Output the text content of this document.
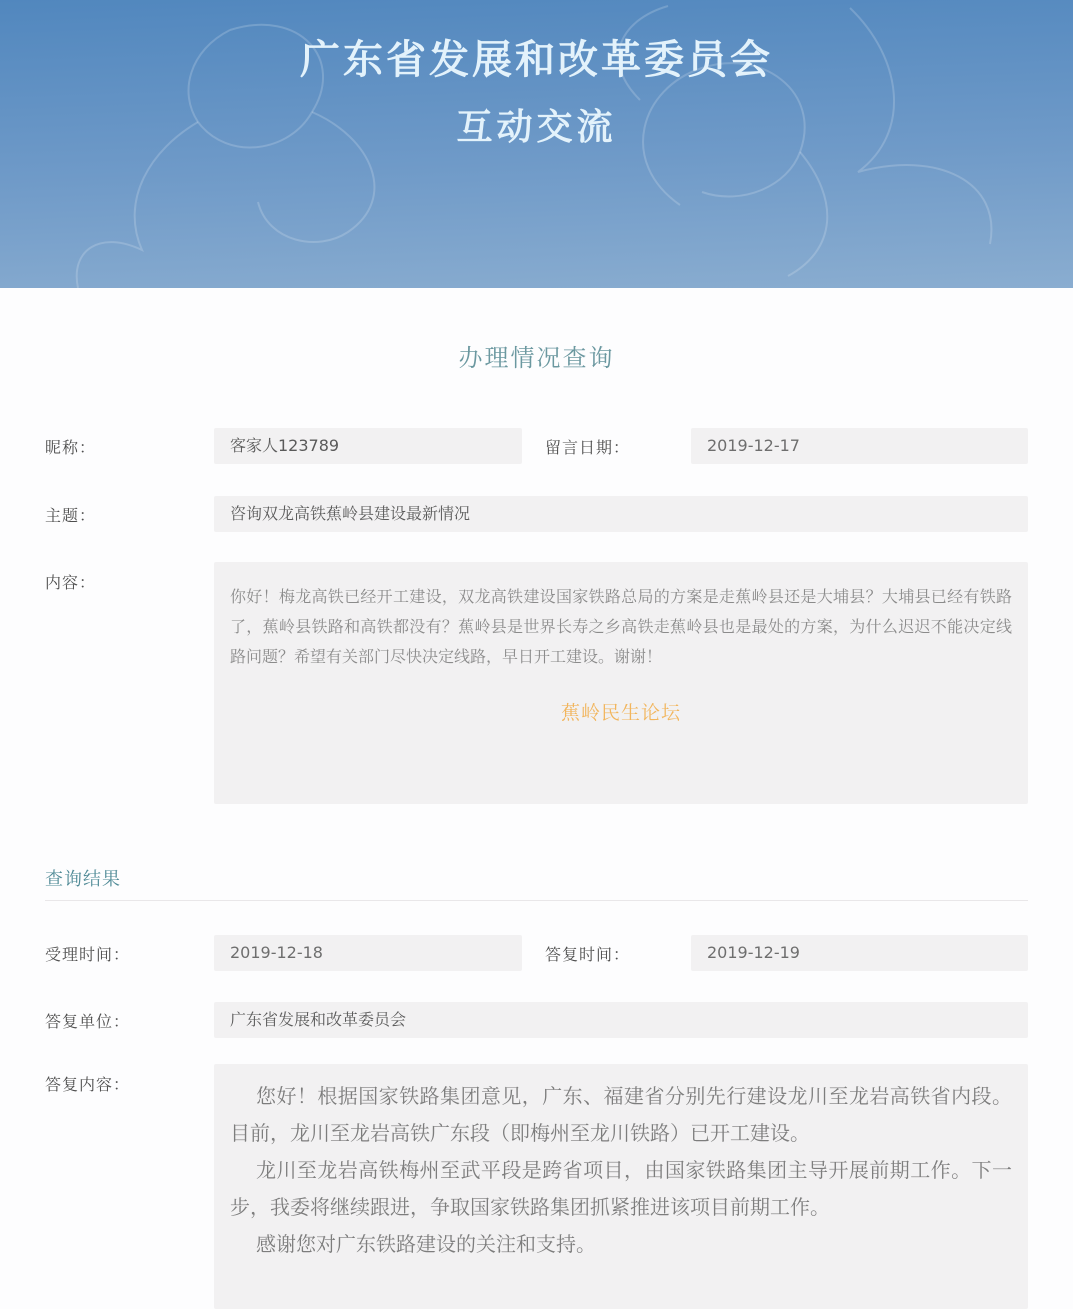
广东省发展和改革委员会
互动交流
办理情况查询
昵称：	客家人123789	留言日期：	2019-12-17
主题：	咨询双龙高铁蕉岭县建设最新情况
内容：

你好！梅龙高铁已经开工建设，双龙高铁建设国家铁路总局的方案是走蕉岭县还是大埔县？大埔县已经有铁路了，蕉岭县铁路和高铁都没有？蕉岭县是世界长寿之乡高铁走蕉岭县也是最处的方案，为什么迟迟不能决定线路问题？希望有关部门尽快决定线路，早日开工建设。谢谢！

蕉岭民生论坛
查询结果
受理时间：	2019-12-18	答复时间：	2019-12-19
答复单位：	广东省发展和改革委员会
答复内容：	您好！根据国家铁路集团意见，广东、福建省分别先行建设龙川至龙岩高铁省内段。目前，龙川至龙岩高铁广东段（即梅州至龙川铁路）已开工建设。

龙川至龙岩高铁梅州至武平段是跨省项目，由国家铁路集团主导开展前期工作。下一步，我委将继续跟进，争取国家铁路集团抓紧推进该项目前期工作。

感谢您对广东铁路建设的关注和支持。
